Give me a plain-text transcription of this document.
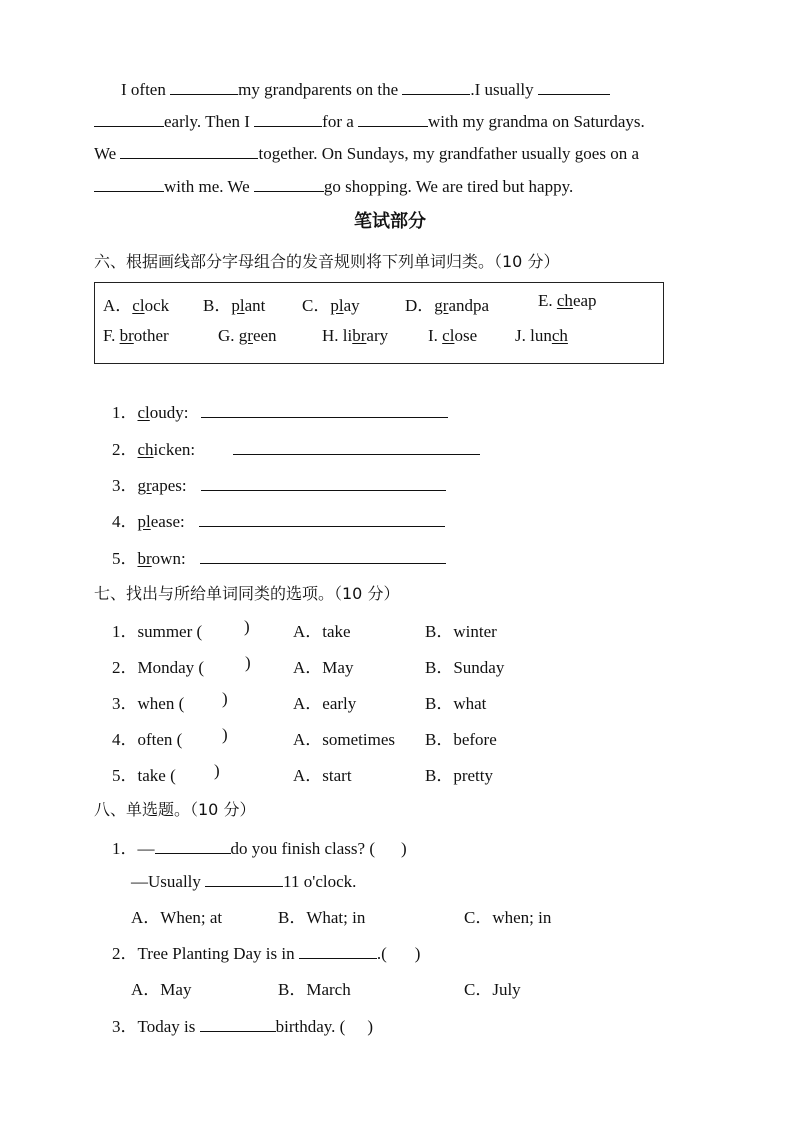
I often	my grandparents on the	.I usually
early. Then I	for a	with my grandma on Saturdays.
We	together. On Sundays, my grandfather usually goes on a
with me. We	go shopping. We are tired but happy.
笔试部分
六、根据画线部分字母组合的发音规则将下列单词归类。（10 分）
A．clock B．plant C．play	D．grandpa	E. cheap
F. brother	G. green	H. library I. close J. lunch
1．cloudy:
2．chicken:
3．grapes:
4．please:
5．brown:
七、找出与所给单词同类的选项。（10 分）
1．summer ( )	A．take	B．winter
2．Monday ( ) A．May	B．Sunday
3．when ( )	A．early	B．what
4．often ( )	A．sometimes B．before
5．take ( )	A．start	B．pretty
八、单选题。（10 分）
1．—	do you finish class? ( )
—Usually	11 o'clock.
A．When; at	B．What; in	C．when; in
2．Tree Planting Day is in	.( )
A．May	B．March	C．July
3．Today is	birthday. ( )
